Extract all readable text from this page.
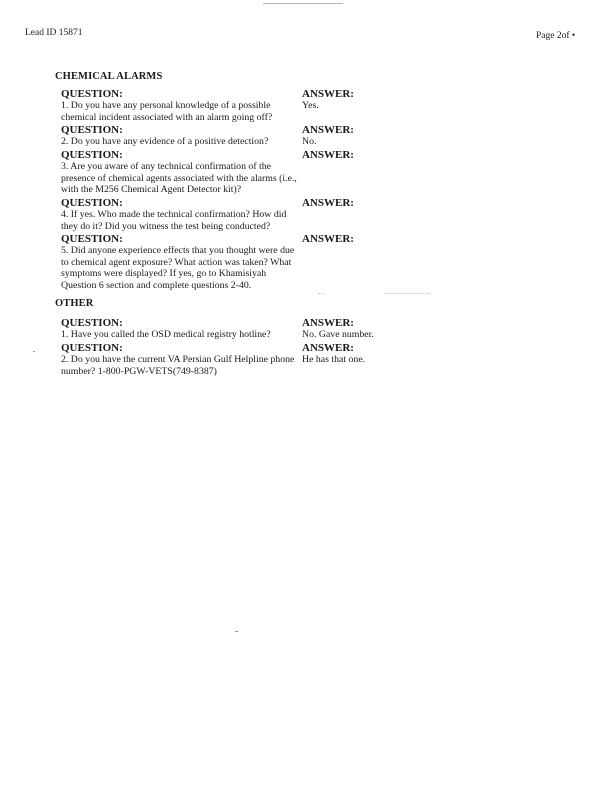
Lead ID 15871	Page 2of •
CHEMICAL ALARMS
QUESTION:	ANSWER:
1. Do you have any personal knowledge of a possible chemical incident associated with an alarm going off?
Yes.
QUESTION:	ANSWER:
2. Do you have any evidence of a positive detection?	No.
QUESTION:	ANSWER:
3. Are you aware of any technical confirmation of the presence of chemical agents associated with the alarms (i.e., with the M256 Chemical Agent Detector kit)?
QUESTION:	ANSWER:
4. If yes. Who made the technical confirmation? How did they do it? Did you witness the test being conducted?
QUESTION:	ANSWER:
5. Did anyone experience effects that you thought were due to chemical agent exposure? What action was taken? What symptoms were displayed? If yes, go to Khamisiyah Question 6 section and complete questions 2-40.
OTHER
QUESTION:	ANSWER:
1. Have you called the OSD medical registry hotline?	No. Gave number.
QUESTION:	ANSWER:
2. Do you have the current VA Persian Gulf Helpline phone number? 1-800-PGW-VETS(749-8387)
He has that one.
